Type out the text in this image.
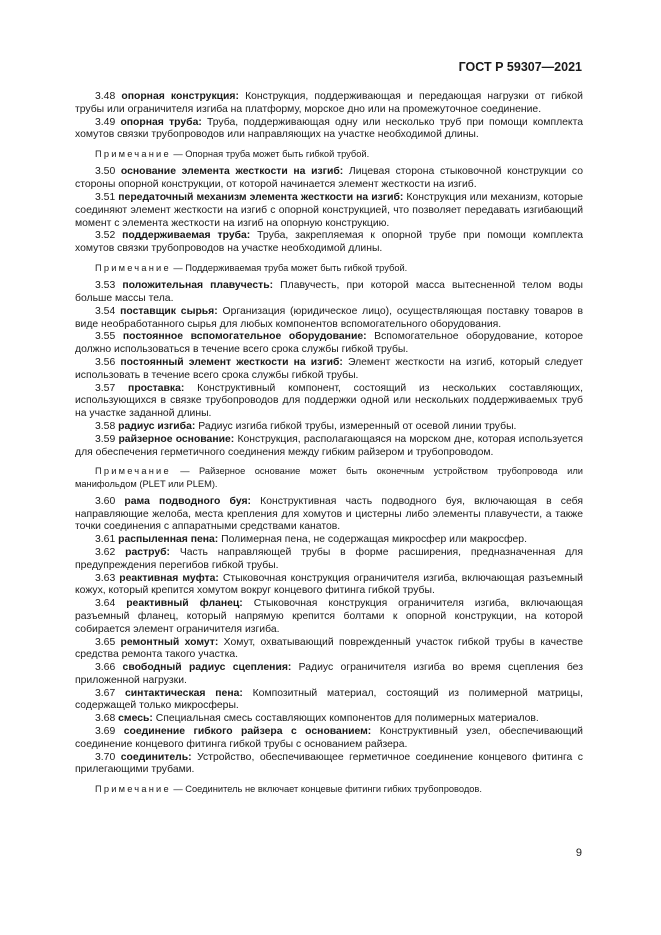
ГОСТ Р 59307—2021

3.48 опорная конструкция: Конструкция, поддерживающая и передающая нагрузки от гибкой трубы или ограничителя изгиба на платформу, морское дно или на промежуточное соединение.

3.49 опорная труба: Труба, поддерживающая одну или несколько труб при помощи комплекта хомутов связки трубопроводов или направляющих на участке необходимой длины.

Примечание — Опорная труба может быть гибкой трубой.

3.50 основание элемента жесткости на изгиб: Лицевая сторона стыковочной конструкции со стороны опорной конструкции, от которой начинается элемент жесткости на изгиб.

3.51 передаточный механизм элемента жесткости на изгиб: Конструкция или механизм, которые соединяют элемент жесткости на изгиб с опорной конструкцией, что позволяет передавать изгибающий момент с элемента жесткости на изгиб на опорную конструкцию.

3.52 поддерживаемая труба: Труба, закрепляемая к опорной трубе при помощи комплекта хомутов связки трубопроводов на участке необходимой длины.

Примечание — Поддерживаемая труба может быть гибкой трубой.

3.53 положительная плавучесть: Плавучесть, при которой масса вытесненной телом воды больше массы тела.

3.54 поставщик сырья: Организация (юридическое лицо), осуществляющая поставку товаров в виде необработанного сырья для любых компонентов вспомогательного оборудования.

3.55 постоянное вспомогательное оборудование: Вспомогательное оборудование, которое должно использоваться в течение всего срока службы гибкой трубы.

3.56 постоянный элемент жесткости на изгиб: Элемент жесткости на изгиб, который следует использовать в течение всего срока службы гибкой трубы.

3.57 проставка: Конструктивный компонент, состоящий из нескольких составляющих, использующихся в связке трубопроводов для поддержки одной или нескольких поддерживаемых труб на участке заданной длины.

3.58 радиус изгиба: Радиус изгиба гибкой трубы, измеренный от осевой линии трубы.

3.59 райзерное основание: Конструкция, располагающаяся на морском дне, которая используется для обеспечения герметичного соединения между гибким райзером и трубопроводом.

Примечание — Райзерное основание может быть оконечным устройством трубопровода или манифольдом (PLET или PLEM).

3.60 рама подводного буя: Конструктивная часть подводного буя, включающая в себя направляющие желоба, места крепления для хомутов и цистерны либо элементы плавучести, а также точки соединения с аппаратными средствами канатов.

3.61 распыленная пена: Полимерная пена, не содержащая микросфер или макросфер.

3.62 раструб: Часть направляющей трубы в форме расширения, предназначенная для предупреждения перегибов гибкой трубы.

3.63 реактивная муфта: Стыковочная конструкция ограничителя изгиба, включающая разъемный кожух, который крепится хомутом вокруг концевого фитинга гибкой трубы.

3.64 реактивный фланец: Стыковочная конструкция ограничителя изгиба, включающая разъемный фланец, который напрямую крепится болтами к опорной конструкции, на которой собирается элемент ограничителя изгиба.

3.65 ремонтный хомут: Хомут, охватывающий поврежденный участок гибкой трубы в качестве средства ремонта такого участка.

3.66 свободный радиус сцепления: Радиус ограничителя изгиба во время сцепления без приложенной нагрузки.

3.67 синтактическая пена: Композитный материал, состоящий из полимерной матрицы, содержащей только микросферы.

3.68 смесь: Специальная смесь составляющих компонентов для полимерных материалов.

3.69 соединение гибкого райзера с основанием: Конструктивный узел, обеспечивающий соединение концевого фитинга гибкой трубы с основанием райзера.

3.70 соединитель: Устройство, обеспечивающее герметичное соединение концевого фитинга с прилегающими трубами.

Примечание — Соединитель не включает концевые фитинги гибких трубопроводов.

9
